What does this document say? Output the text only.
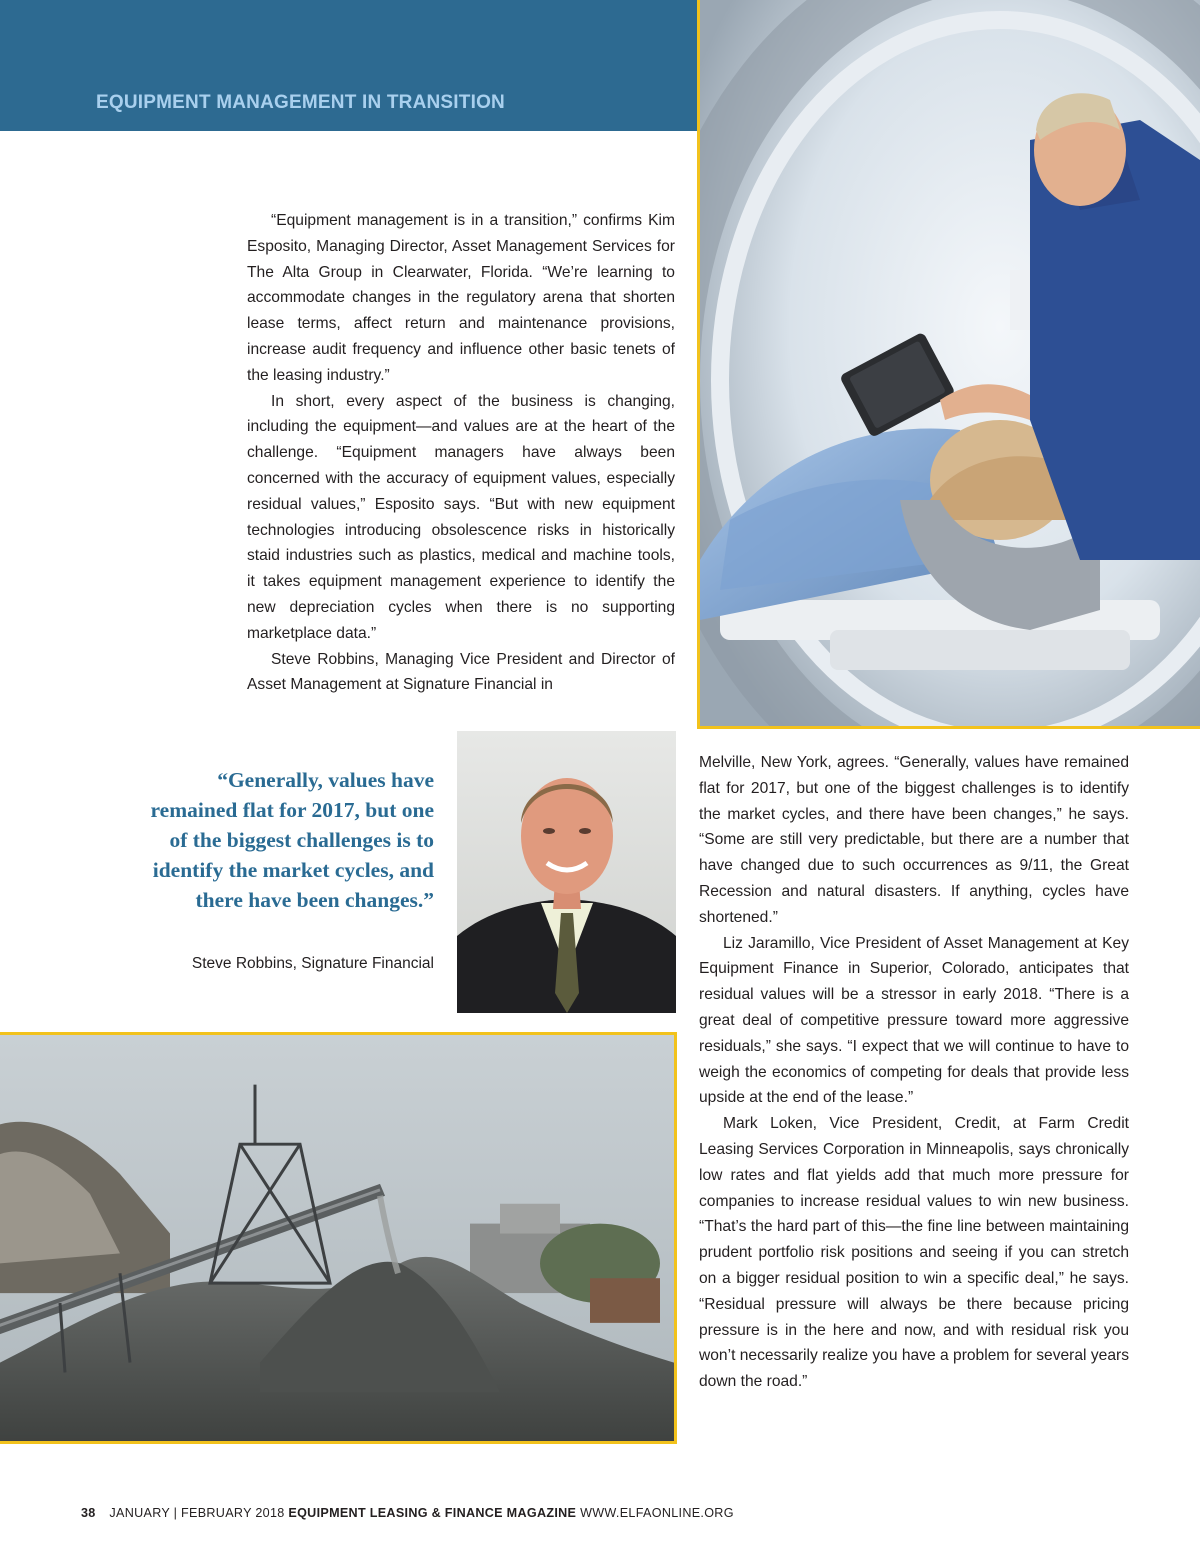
EQUIPMENT MANAGEMENT IN TRANSITION

“Equipment management is in a transition,” confirms Kim Esposito, Managing Director, Asset Management Services for The Alta Group in Clearwater, Florida. “We’re learning to accommodate changes in the regulatory arena that shorten lease terms, affect return and maintenance provisions, increase audit frequency and influence other basic tenets of the leasing industry.”

In short, every aspect of the business is changing, including the equipment—and values are at the heart of the challenge. “Equipment managers have always been concerned with the accuracy of equipment values, especially residual values,” Esposito says. “But with new equipment technologies introducing obsolescence risks in historically staid industries such as plastics, medical and machine tools, it takes equipment management experience to identify the new depreciation cycles when there is no supporting marketplace data.”

Steve Robbins, Managing Vice President and Director of Asset Management at Signature Financial in

“Generally, values have remained flat for 2017, but one of the biggest challenges is to identify the market cycles, and there have been changes.”

Steve Robbins, Signature Financial

Melville, New York, agrees. “Generally, values have remained flat for 2017, but one of the biggest challenges is to identify the market cycles, and there have been changes,” he says. “Some are still very predictable, but there are a number that have changed due to such occurrences as 9/11, the Great Recession and natural disasters. If anything, cycles have shortened.”

Liz Jaramillo, Vice President of Asset Management at Key Equipment Finance in Superior, Colorado, anticipates that residual values will be a stressor in early 2018. “There is a great deal of competitive pressure toward more aggressive residuals,” she says. “I expect that we will continue to have to weigh the economics of competing for deals that provide less upside at the end of the lease.”

Mark Loken, Vice President, Credit, at Farm Credit Leasing Services Corporation in Minneapolis, says chronically low rates and flat yields add that much more pressure for companies to increase residual values to win new business. “That’s the hard part of this—the fine line between maintaining prudent portfolio risk positions and seeing if you can stretch on a bigger residual position to win a specific deal,” he says. “Residual pressure will always be there because pricing pressure is in the here and now, and with residual risk you won’t necessarily realize you have a problem for several years down the road.”

38 JANUARY | FEBRUARY 2018 EQUIPMENT LEASING & FINANCE MAGAZINE WWW.ELFAONLINE.ORG
